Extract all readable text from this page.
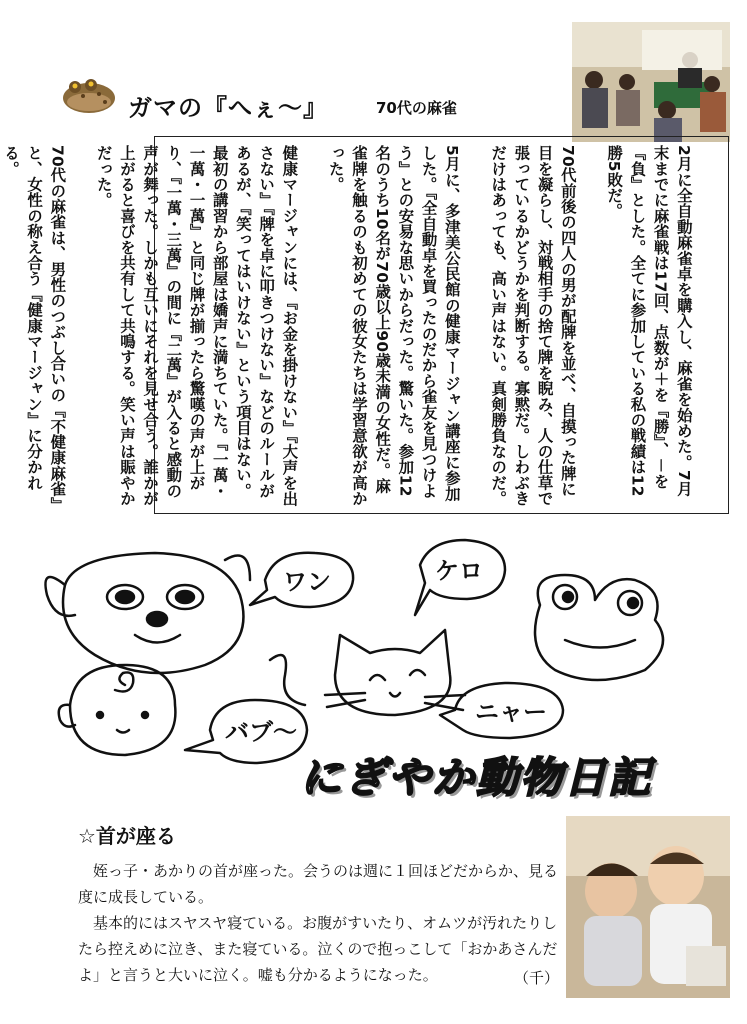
ガマの『へぇ～』	70代の麻雀

2月に全自動麻雀卓を購入し、麻雀を始めた。7月末までに麻雀戦は17回、点数が＋を『勝』、－を『負』とした。全てに参加している私の戦績は12勝5敗だ。

70代前後の四人の男が配牌を並べ、自摸った牌に目を凝らし、対戦相手の捨て牌を睨み、人の仕草で張っているかどうかを判断する。寡黙だ。しわぶきだけはあっても、高い声はない。真剣勝負なのだ。

5月に、多津美公民館の健康マージャン講座に参加した。『全自動卓を買ったのだから雀友を見つけよう』との安易な思いからだった。驚いた。参加12名のうち10名が70歳以上90歳未満の女性だ。麻雀牌を触るのも初めての彼女たちは学習意欲が高かった。

健康マージャンには、『お金を掛けない』『大声を出さない』『牌を卓に叩きつけない』などのルールがあるが、『笑ってはいけない』という項目はない。最初の講習から部屋は嬌声に満ちていた。『一萬・一萬・一萬』と同じ牌が揃ったら驚嘆の声が上がり、『一萬・三萬』の間に『二萬』が入ると感動の声が舞った。しかも互いにそれを見せ合う。誰かが上がると喜びを共有して共鳴する。笑い声は賑やかだった。

70代の麻雀は、男性のつぶし合いの『不健康麻雀』と、女性の称え合う『健康マージャン』に分かれる。

ワン	ケロ
ニャー
バブ～
にぎやか動物日記
☆首が座る

姪っ子・あかりの首が座った。会うのは週に１回ほどだからか、見る度に成長している。

基本的にはスヤスヤ寝ている。お腹がすいたり、オムツが汚れたりしたら控えめに泣き、また寝ている。泣くので抱っこして「おかあさんだよ」と言うと大いに泣く。嘘も分かるようになった。	（千）
